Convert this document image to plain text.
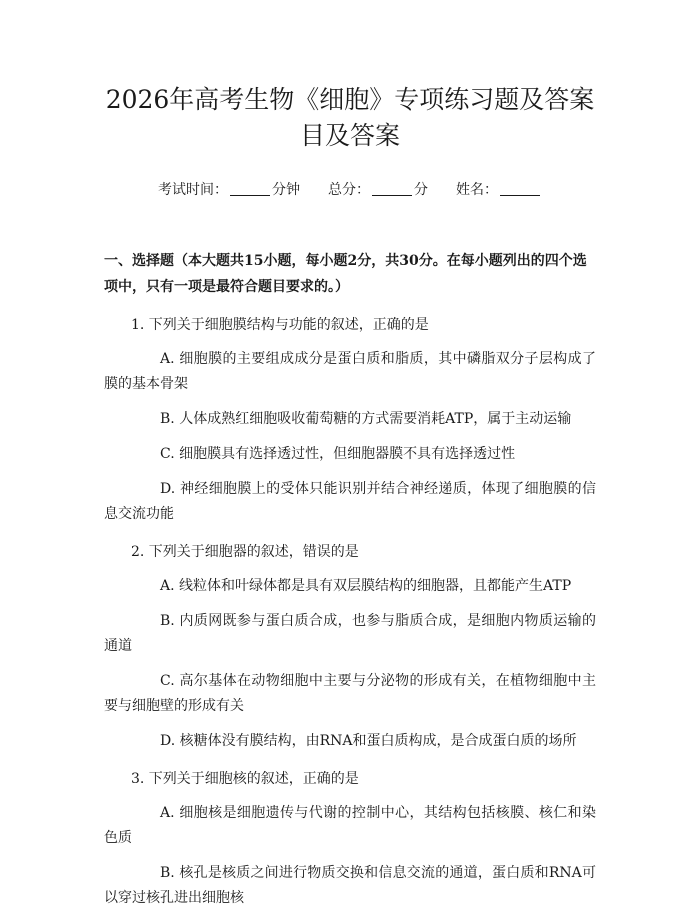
2026年高考生物《细胞》专项练习题及答案目及答案
考试时间：	分钟 总分：	分 姓名：
一、选择题（本大题共15小题，每小题2分，共30分。在每小题列出的四个选项中，只有一项是最符合题目要求的。）
1. 下列关于细胞膜结构与功能的叙述，正确的是
A. 细胞膜的主要组成成分是蛋白质和脂质，其中磷脂双分子层构成了膜的基本骨架
B. 人体成熟红细胞吸收葡萄糖的方式需要消耗ATP，属于主动运输
C. 细胞膜具有选择透过性，但细胞器膜不具有选择透过性
D. 神经细胞膜上的受体只能识别并结合神经递质，体现了细胞膜的信息交流功能
2. 下列关于细胞器的叙述，错误的是
A. 线粒体和叶绿体都是具有双层膜结构的细胞器，且都能产生ATP
B. 内质网既参与蛋白质合成，也参与脂质合成，是细胞内物质运输的通道
C. 高尔基体在动物细胞中主要与分泌物的形成有关，在植物细胞中主要与细胞壁的形成有关
D. 核糖体没有膜结构，由RNA和蛋白质构成，是合成蛋白质的场所
3. 下列关于细胞核的叙述，正确的是
A. 细胞核是细胞遗传与代谢的控制中心，其结构包括核膜、核仁和染色质
B. 核孔是核质之间进行物质交换和信息交流的通道，蛋白质和RNA可以穿过核孔进出细胞核
